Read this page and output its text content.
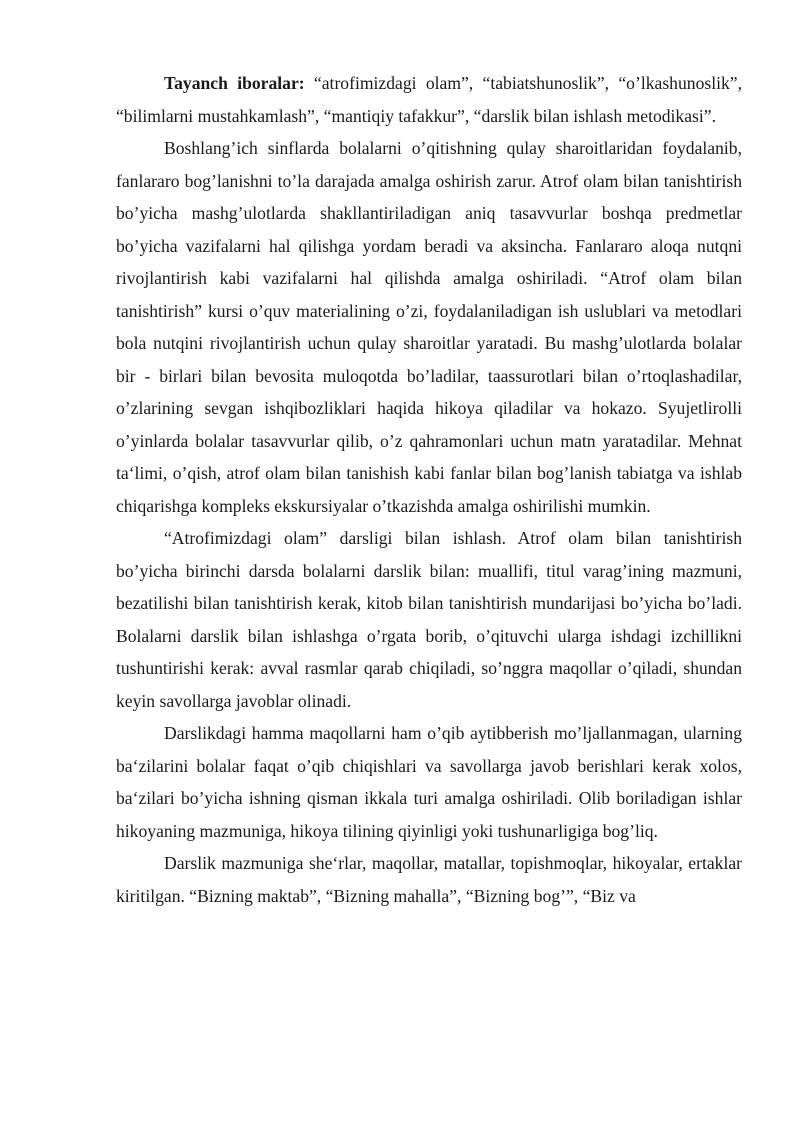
Tayanch iboralar: “atrofimizdagi olam”, “tabiatshunoslik”, “o’lkashunoslik”, “bilimlarni mustahkamlash”, “mantiqiy tafakkur”, “darslik bilan ishlash metodikasi”.

Boshlang’ich sinflarda bolalarni o’qitishning qulay sharoitlaridan foydalanib, fanlararo bog’lanishni to’la darajada amalga oshirish zarur. Atrof olam bilan tanishtirish bo’yicha mashg’ulotlarda shakllantiriladigan aniq tasavvurlar boshqa predmetlar bo’yicha vazifalarni hal qilishga yordam beradi va aksincha. Fanlararo aloqa nutqni rivojlantirish kabi vazifalarni hal qilishda amalga oshiriladi. “Atrof olam bilan tanishtirish” kursi o’quv materialining o’zi, foydalaniladigan ish uslublari va metodlari bola nutqini rivojlantirish uchun qulay sharoitlar yaratadi. Bu mashg’ulotlarda bolalar bir - birlari bilan bevosita muloqotda bo’ladilar, taassurotlari bilan o’rtoqlashadilar, o’zlarining sevgan ishqibozliklari haqida hikoya qiladilar va hokazo. Syujetlirolli o’yinlarda bolalar tasavvurlar qilib, o’z qahramonlari uchun matn yaratadilar. Mehnat ta‘limi, o’qish, atrof olam bilan tanishish kabi fanlar bilan bog’lanish tabiatga va ishlab chiqarishga kompleks ekskursiyalar o’tkazishda amalga oshirilishi mumkin.

“Atrofimizdagi olam” darsligi bilan ishlash. Atrof olam bilan tanishtirish bo’yicha birinchi darsda bolalarni darslik bilan: muallifi, titul varag’ining mazmuni, bezatilishi bilan tanishtirish kerak, kitob bilan tanishtirish mundarijasi bo’yicha bo’ladi. Bolalarni darslik bilan ishlashga o’rgata borib, o’qituvchi ularga ishdagi izchillikni tushuntirishi kerak: avval rasmlar qarab chiqiladi, so’nggra maqollar o’qiladi, shundan keyin savollarga javoblar olinadi.

Darslikdagi hamma maqollarni ham o’qib aytibberish mo’ljallanmagan, ularning ba‘zilarini bolalar faqat o’qib chiqishlari va savollarga javob berishlari kerak xolos, ba‘zilari bo’yicha ishning qisman ikkala turi amalga oshiriladi. Olib boriladigan ishlar hikoyaning mazmuniga, hikoya tilining qiyinligi yoki tushunarligiga bog’liq.

Darslik mazmuniga she‘rlar, maqollar, matallar, topishmoqlar, hikoyalar, ertaklar kiritilgan. “Bizning maktab”, “Bizning mahalla”, “Bizning bog’”, “Biz va
